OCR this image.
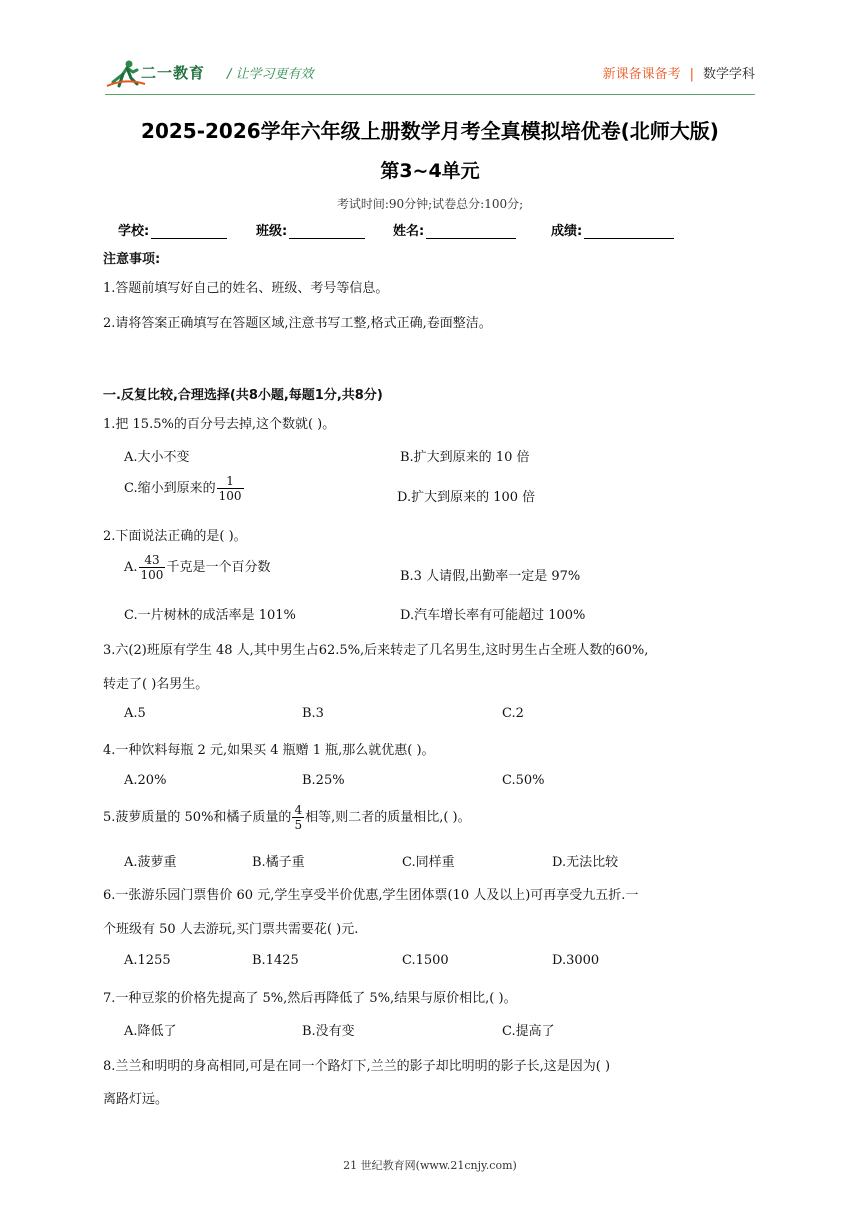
二一教育 / 让学习更有效	新课备课备考 | 数学学科
2025-2026学年六年级上册数学月考全真模拟培优卷(北师大版)
第3~4单元
考试时间:90分钟;试卷总分:100分;
学校:	班级:	姓名:	成绩:
注意事项:
1.答题前填写好自己的姓名、班级、考号等信息。
2.请将答案正确填写在答题区域,注意书写工整,格式正确,卷面整洁。
一.反复比较,合理选择(共8小题,每题1分,共8分)
1.把 15.5%的百分号去掉,这个数就( )。
A.大小不变	B.扩大到原来的 10 倍
C.缩小到原来的 $\frac{1}{100}$	D.扩大到原来的 100 倍
2.下面说法正确的是( )。
A. $\frac{43}{100}$ 千克是一个百分数
B.3 人请假,出勤率一定是 97%
C.一片树林的成活率是 101%	D.汽车增长率有可能超过 100%
3.六(2)班原有学生 48 人,其中男生占62.5%,后来转走了几名男生,这时男生占全班人数的60%,
转走了( )名男生。
A.5	B.3	C.2
4.一种饮料每瓶 2 元,如果买 4 瓶赠 1 瓶,那么就优惠( )。
A.20%	B.25%	C.50%
5.菠萝质量的 50%和橘子质量的 $\frac{4}{5}$ 相等,则二者的质量相比,( )。
A.菠萝重	B.橘子重	C.同样重	D.无法比较
6.一张游乐园门票售价 60 元,学生享受半价优惠,学生团体票(10 人及以上)可再享受九五折.一
个班级有 50 人去游玩,买门票共需要花( )元.
A.1255	B.1425	C.1500	D.3000
7.一种豆浆的价格先提高了 5%,然后再降低了 5%,结果与原价相比,( )。
A.降低了	B.没有变	C.提高了
8.兰兰和明明的身高相同,可是在同一个路灯下,兰兰的影子却比明明的影子长,这是因为( )
离路灯远。
21 世纪教育网(www.21cnjy.com)
